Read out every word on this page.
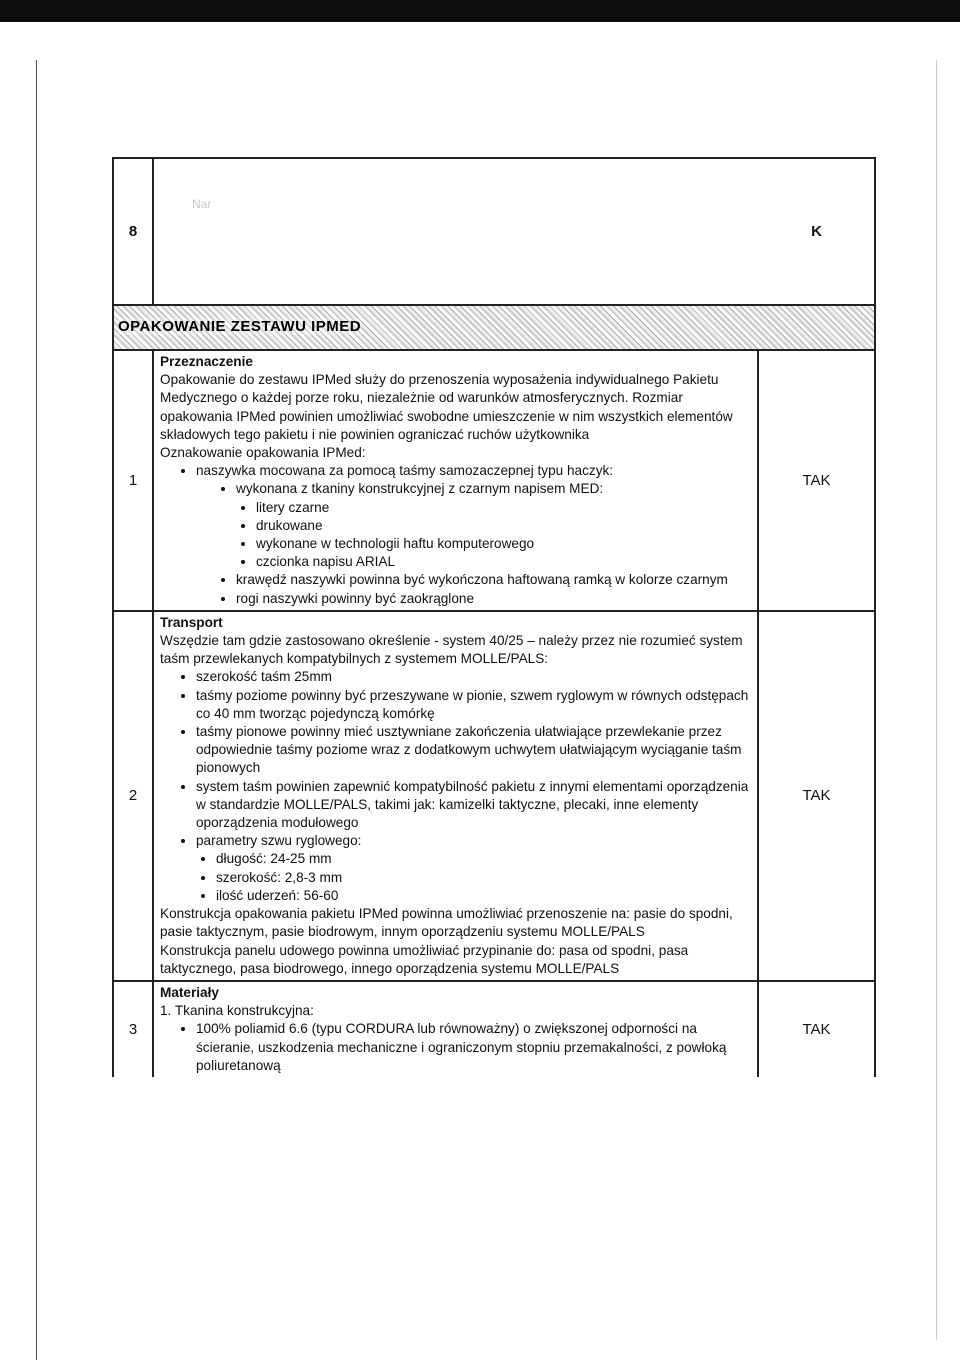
8
Nar
K
OPAKOWANIE ZESTAWU IPMED
1
Przeznaczenie
Opakowanie do zestawu IPMed służy do przenoszenia wyposażenia indywidualnego Pakietu Medycznego o każdej porze roku, niezależnie od warunków atmosferycznych. Rozmiar opakowania IPMed powinien umożliwiać swobodne umieszczenie w nim wszystkich elementów składowych tego pakietu i nie powinien ograniczać ruchów użytkownika
Oznakowanie opakowania IPMed:
• naszywka mocowana za pomocą taśmy samozaczepnej typu haczyk:
• wykonana z tkaniny konstrukcyjnej z czarnym napisem MED:
• litery czarne
• drukowane
• wykonane w technologii haftu komputerowego
• czcionka napisu ARIAL
• krawędź naszywki powinna być wykończona haftowaną ramką w kolorze czarnym
• rogi naszywki powinny być zaokrąglone
TAK
2
Transport
Wszędzie tam gdzie zastosowano określenie - system 40/25 – należy przez nie rozumieć system taśm przewlekanych kompatybilnych z systemem MOLLE/PALS:
• szerokość taśm 25mm
• taśmy poziome powinny być przeszywane w pionie, szwem ryglowym w równych odstępach co 40 mm tworząc pojedynczą komórkę
• taśmy pionowe powinny mieć usztywniane zakończenia ułatwiające przewlekanie przez odpowiednie taśmy poziome wraz z dodatkowym uchwytem ułatwiającym wyciąganie taśm pionowych
• system taśm powinien zapewnić kompatybilność pakietu z innymi elementami oporządzenia w standardzie MOLLE/PALS, takimi jak: kamizelki taktyczne, plecaki, inne elementy oporządzenia modułowego
• parametry szwu ryglowego:
• długość: 24-25 mm
• szerokość: 2,8-3 mm
• ilość uderzeń: 56-60
Konstrukcja opakowania pakietu IPMed powinna umożliwiać przenoszenie na: pasie do spodni, pasie taktycznym, pasie biodrowym, innym oporządzeniu systemu MOLLE/PALS
Konstrukcja panelu udowego powinna umożliwiać przypinanie do: pasa od spodni, pasa taktycznego, pasa biodrowego, innego oporządzenia systemu MOLLE/PALS
TAK
3
Materiały
1. Tkanina konstrukcyjna:
• 100% poliamid 6.6 (typu CORDURA lub równoważny) o zwiększonej odporności na ścieranie, uszkodzenia mechaniczne i ograniczonym stopniu przemakalności, z powłoką poliuretanową
TAK
